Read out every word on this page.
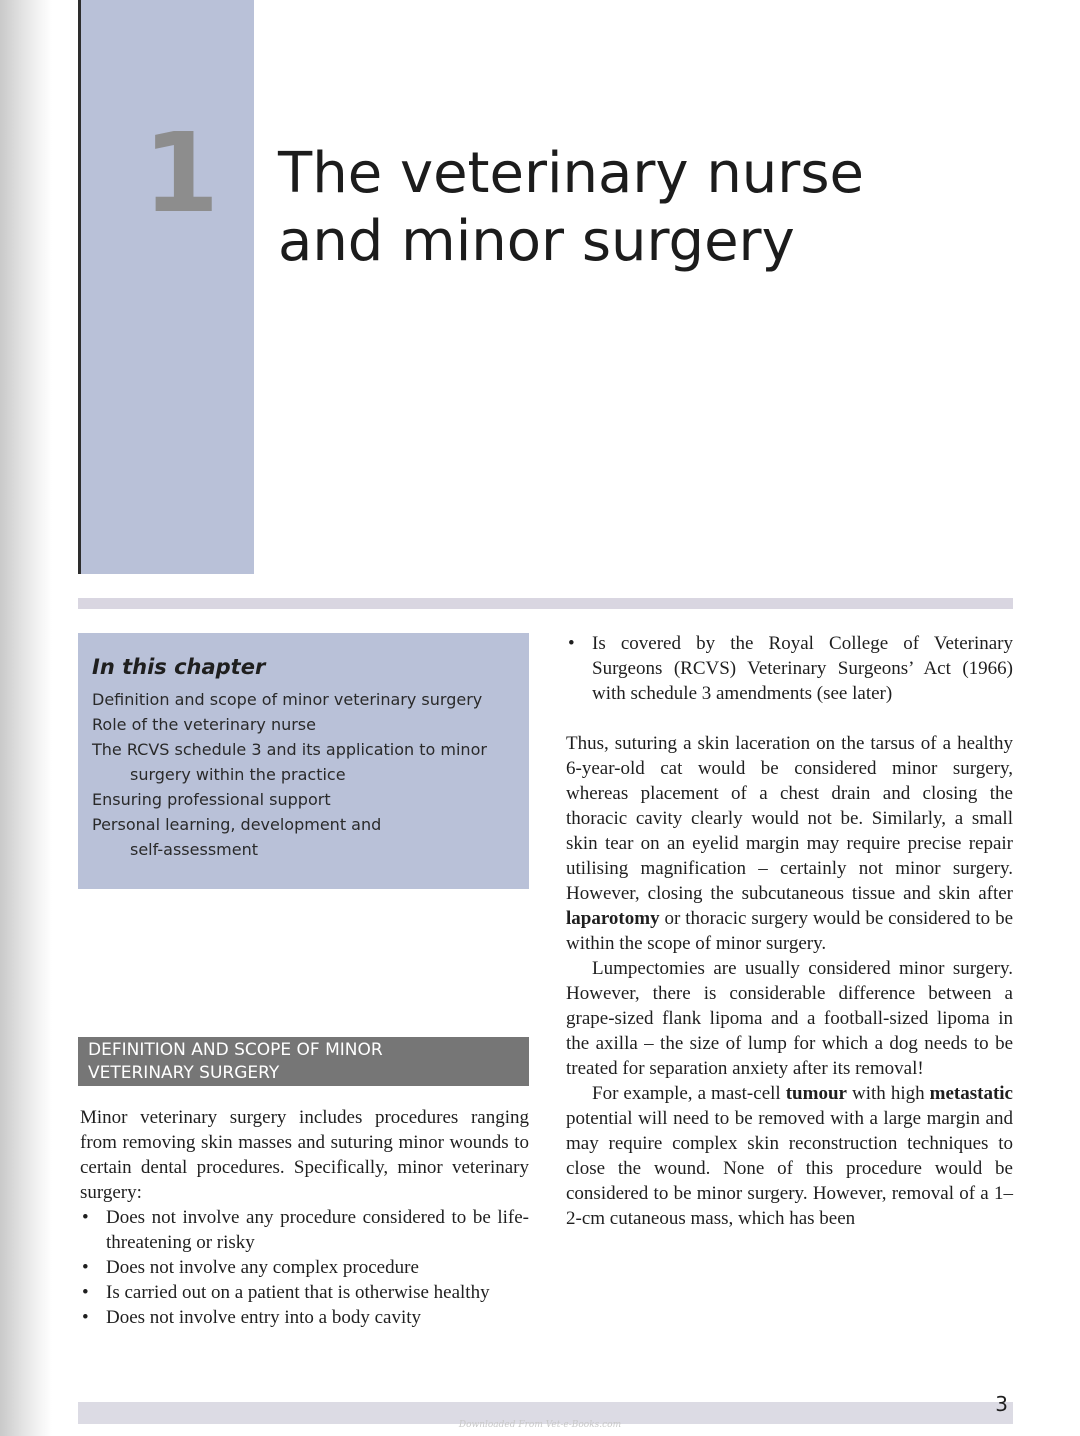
1 The veterinary nurse
and minor surgery
In this chapter
Definition and scope of minor veterinary surgery
Role of the veterinary nurse
The RCVS schedule 3 and its application to minor
surgery within the practice
Ensuring professional support
Personal learning, development and
self-assessment
DEFINITION AND SCOPE OF MINOR
VETERINARY SURGERY

Minor veterinary surgery includes procedures ranging from removing skin masses and suturing minor wounds to certain dental procedures. Specifically, minor veterinary surgery:

• Does not involve any procedure considered to be life-threatening or risky
• Does not involve any complex procedure
• Is carried out on a patient that is otherwise healthy
• Does not involve entry into a body cavity
• Is covered by the Royal College of Veterinary Surgeons (RCVS) Veterinary Surgeons’ Act (1966) with schedule 3 amendments (see later)

Thus, suturing a skin laceration on the tarsus of a healthy 6-year-old cat would be considered minor surgery, whereas placement of a chest drain and closing the thoracic cavity clearly would not be. Similarly, a small skin tear on an eyelid margin may require precise repair utilising magnification – certainly not minor surgery. However, closing the subcutaneous tissue and skin after laparotomy or thoracic surgery would be considered to be within the scope of minor surgery.

Lumpectomies are usually considered minor surgery. However, there is considerable difference between a grape-sized flank lipoma and a football-sized lipoma in the axilla – the size of lump for which a dog needs to be treated for separation anxiety after its removal!

For example, a mast-cell tumour with high metastatic potential will need to be removed with a large margin and may require complex skin reconstruction techniques to close the wound. None of this procedure would be considered to be minor surgery. However, removal of a 1–2-cm cutaneous mass, which has been

3
Downloaded From Vet-e-Books.com
